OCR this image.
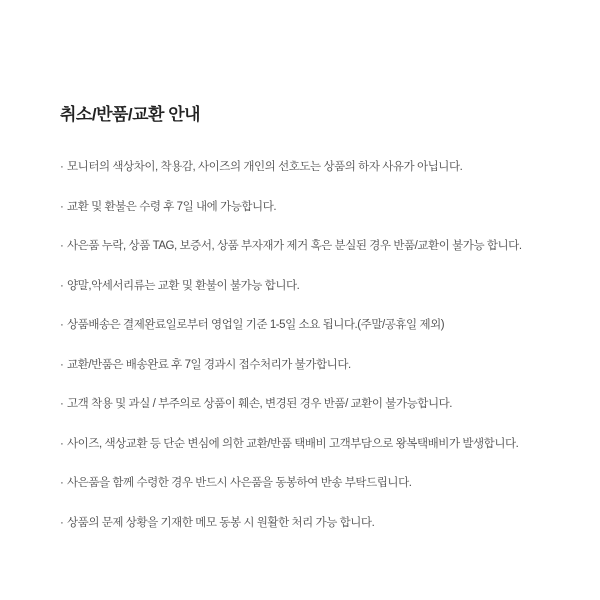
취소/반품/교환 안내
· 모니터의 색상차이, 착용감, 사이즈의 개인의 선호도는 상품의 하자 사유가 아닙니다.
· 교환 및 환불은 수령 후 7일 내에 가능합니다.
· 사은품 누락, 상품 TAG, 보증서, 상품 부자재가 제거 혹은 분실된 경우 반품/교환이 불가능 합니다.
· 양말,악세서리류는 교환 및 환불이 불가능 합니다.
· 상품배송은 결제완료일로부터 영업일 기준 1-5일 소요 됩니다.(주말/공휴일 제외)
· 교환/반품은 배송완료 후 7일 경과시 접수처리가 불가합니다.
· 고객 착용 및 과실 / 부주의로 상품이 훼손, 변경된 경우 반품/ 교환이 불가능합니다.
· 사이즈, 색상교환 등 단순 변심에 의한 교환/반품 택배비 고객부담으로 왕복택배비가 발생합니다.
· 사은품을 함께 수령한 경우 반드시 사은품을 동봉하여 반송 부탁드립니다.
· 상품의 문제 상황을 기재한 메모 동봉 시 원활한 처리 가능 합니다.
